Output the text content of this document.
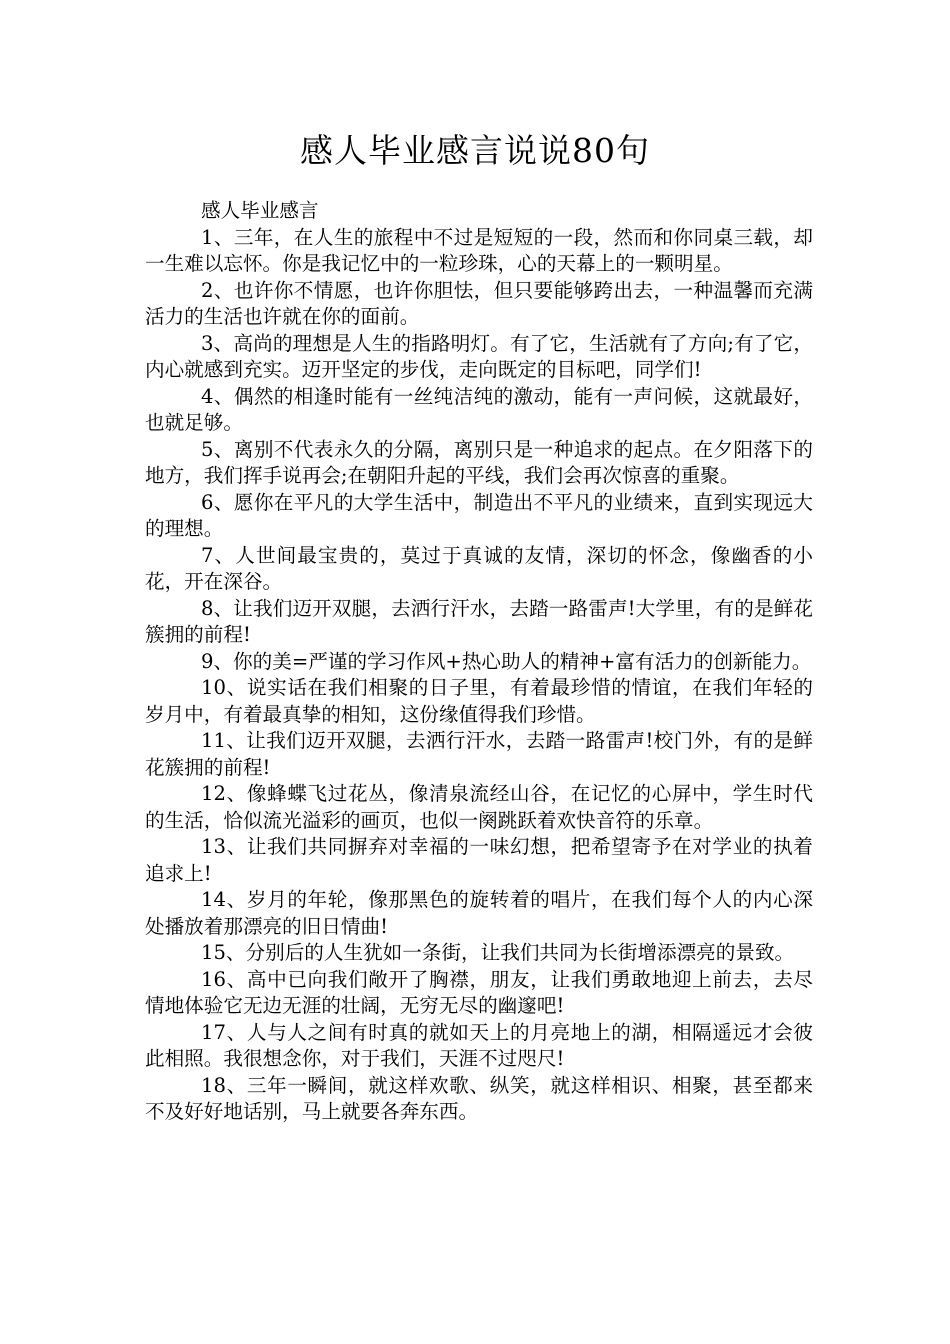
感人毕业感言说说80句

感人毕业感言

1、三年，在人生的旅程中不过是短短的一段，然而和你同桌三载，却一生难以忘怀。你是我记忆中的一粒珍珠，心的天幕上的一颗明星。

2、也许你不情愿，也许你胆怯，但只要能够跨出去，一种温馨而充满活力的生活也许就在你的面前。

3、高尚的理想是人生的指路明灯。有了它，生活就有了方向;有了它，内心就感到充实。迈开坚定的步伐，走向既定的目标吧，同学们!

4、偶然的相逢时能有一丝纯洁纯的激动，能有一声问候，这就最好，也就足够。

5、离别不代表永久的分隔，离别只是一种追求的起点。在夕阳落下的地方，我们挥手说再会;在朝阳升起的平线，我们会再次惊喜的重聚。

6、愿你在平凡的大学生活中，制造出不平凡的业绩来，直到实现远大的理想。

7、人世间最宝贵的，莫过于真诚的友情，深切的怀念，像幽香的小花，开在深谷。

8、让我们迈开双腿，去洒行汗水，去踏一路雷声!大学里，有的是鲜花簇拥的前程!

9、你的美=严谨的学习作风+热心助人的精神+富有活力的创新能力。

10、说实话在我们相聚的日子里，有着最珍惜的情谊，在我们年轻的岁月中，有着最真挚的相知，这份缘值得我们珍惜。

11、让我们迈开双腿，去洒行汗水，去踏一路雷声!校门外，有的是鲜花簇拥的前程!

12、像蜂蝶飞过花丛，像清泉流经山谷，在记忆的心屏中，学生时代的生活，恰似流光溢彩的画页，也似一阕跳跃着欢快音符的乐章。

13、让我们共同摒弃对幸福的一味幻想，把希望寄予在对学业的执着追求上!

14、岁月的年轮，像那黑色的旋转着的唱片，在我们每个人的内心深处播放着那漂亮的旧日情曲!

15、分别后的人生犹如一条街，让我们共同为长街增添漂亮的景致。

16、高中已向我们敞开了胸襟，朋友，让我们勇敢地迎上前去，去尽情地体验它无边无涯的壮阔，无穷无尽的幽邃吧!

17、人与人之间有时真的就如天上的月亮地上的湖，相隔遥远才会彼此相照。我很想念你，对于我们，天涯不过咫尺!

18、三年一瞬间，就这样欢歌、纵笑，就这样相识、相聚，甚至都来不及好好地话别，马上就要各奔东西。
